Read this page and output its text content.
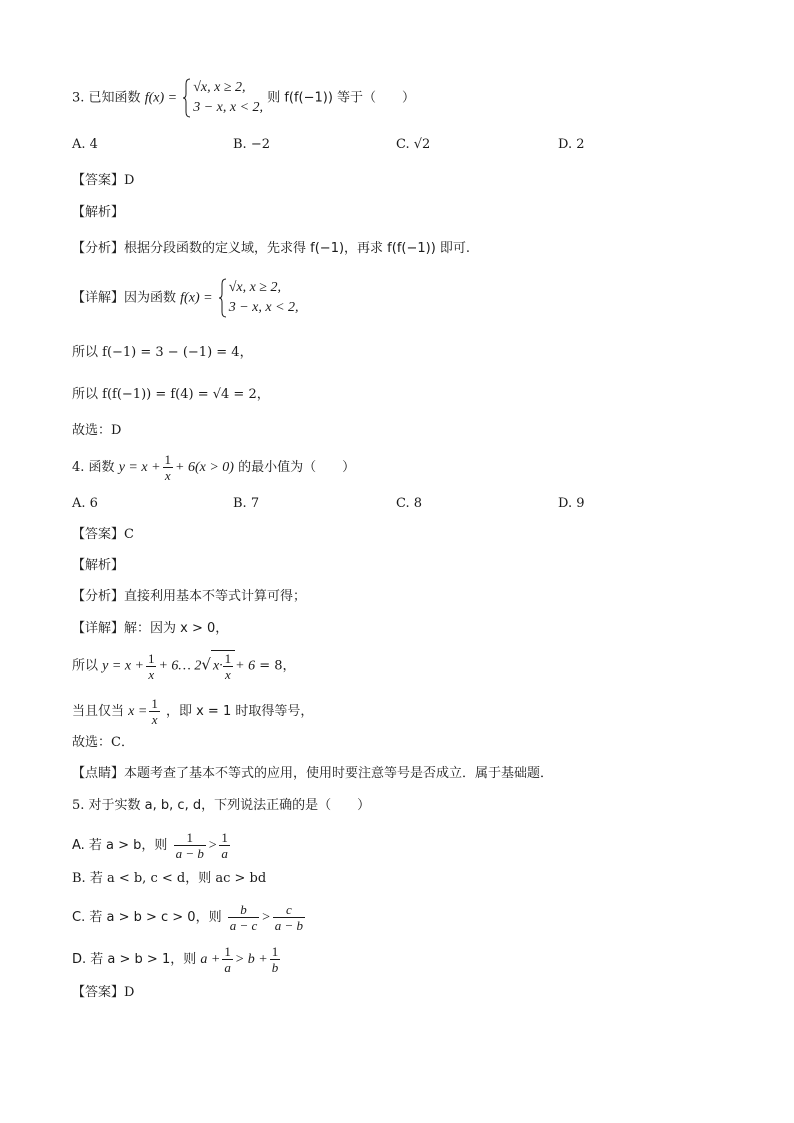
3. 已知函数 f(x) =
√x, x ≥ 2,
3 − x, x < 2,
则 f(f(−1)) 等于（　　）
A. 4	B. −2	C. √2	D. 2
【答案】D
【解析】
【分析】根据分段函数的定义域，先求得 f(−1)，再求 f(f(−1)) 即可.
【详解】因为函数 f(x) =
√x, x ≥ 2,
3 − x, x < 2,
所以 f(−1) = 3 − (−1) = 4，
所以 f(f(−1)) = f(4) = √4 = 2，
故选：D
4. 函数 $y = x + \frac{1}{x} + 6(x > 0)$ 的最小值为（　　）
A. 6	B. 7	C. 8	D. 9
【答案】C
【解析】
【分析】直接利用基本不等式计算可得；
【详解】解：因为 x > 0，
所以 $y = x + \frac{1}{x}$ + 6… 2√ $x\cdot \frac{1}{x} + 6 = 8$，
当且仅当 $x = \frac{1}{x}$ ，即 x = 1 时取得等号，
故选：C．
【点睛】本题考查了基本不等式的应用，使用时要注意等号是否成立．属于基础题．
5. 对于实数 a, b, c, d，下列说法正确的是（　　）
A. 若 a > b，则 $\frac{1}{a - b} > \frac{1}{a}$
B. 若 a < b, c < d，则 ac > bd
C. 若 a > b > c > 0，则 $\frac{b}{a - c} > \frac{c}{a - b}$
D. 若 a > b > 1，则 $a + \frac{1}{a} > b + \frac{1}{b}$
【答案】D
